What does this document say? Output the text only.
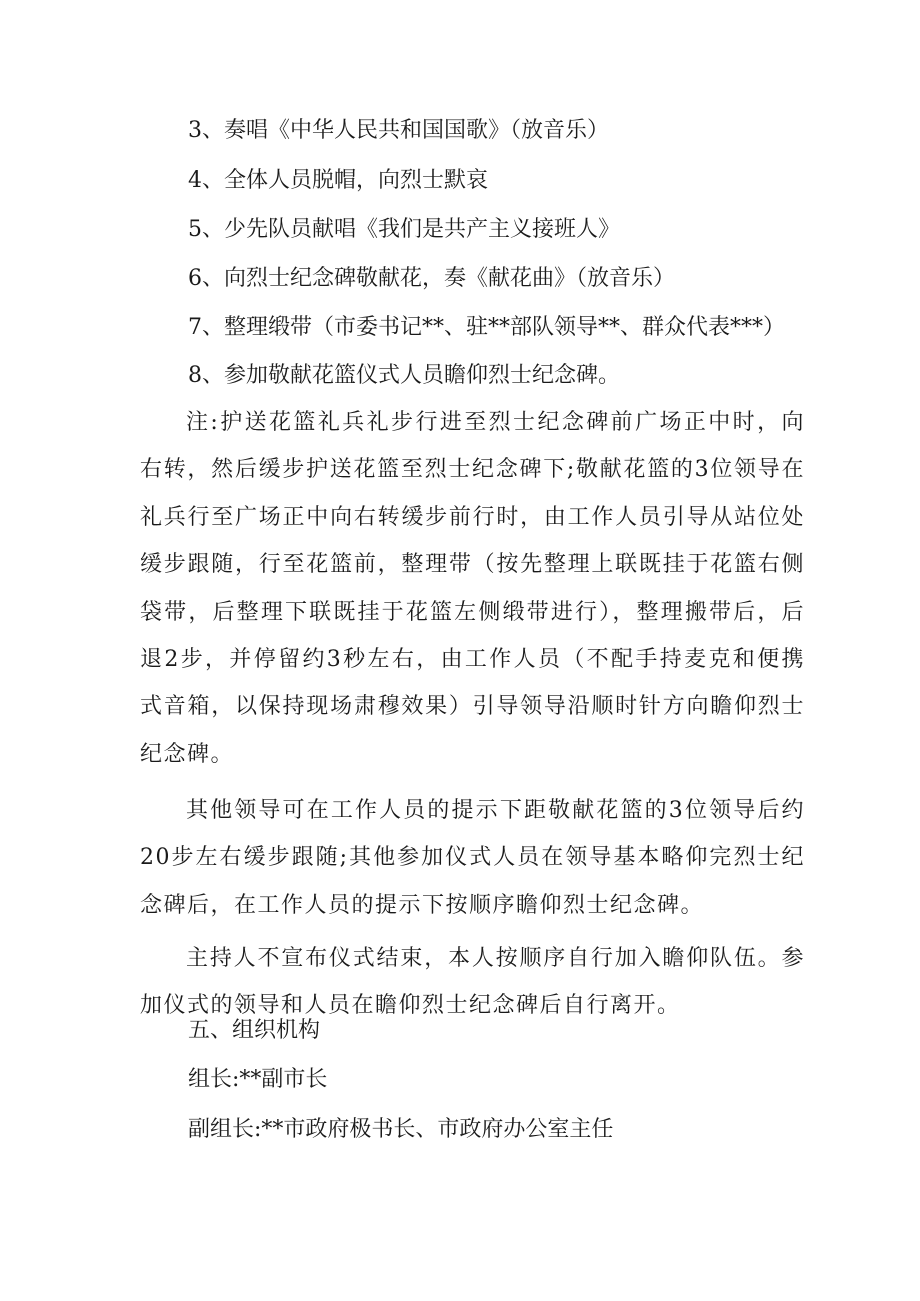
3、奏唱《中华人民共和国国歌》（放音乐）
4、全体人员脱帽，向烈士默哀
5、少先队员献唱《我们是共产主义接班人》
6、向烈士纪念碑敬献花，奏《献花曲》（放音乐）
7、整理缎带（市委书记**、驻**部队领导**、群众代表***）
8、参加敬献花篮仪式人员瞻仰烈士纪念碑。
注:护送花篮礼兵礼步行进至烈士纪念碑前广场正中时，向右转，然后缓步护送花篮至烈士纪念碑下;敬献花篮的3位领导在礼兵行至广场正中向右转缓步前行时，由工作人员引导从站位处缓步跟随，行至花篮前，整理带（按先整理上联既挂于花篮右侧袋带，后整理下联既挂于花篮左侧缎带进行），整理搬带后，后退2步，并停留约3秒左右，由工作人员（不配手持麦克和便携式音箱，以保持现场肃穆效果）引导领导沿顺时针方向瞻仰烈士纪念碑。
其他领导可在工作人员的提示下距敬献花篮的3位领导后约20步左右缓步跟随;其他参加仪式人员在领导基本略仰完烈士纪念碑后，在工作人员的提示下按顺序瞻仰烈士纪念碑。
主持人不宣布仪式结束，本人按顺序自行加入瞻仰队伍。参加仪式的领导和人员在瞻仰烈士纪念碑后自行离开。
五、组织机构
组长:**副市长
副组长:**市政府极书长、市政府办公室主任
